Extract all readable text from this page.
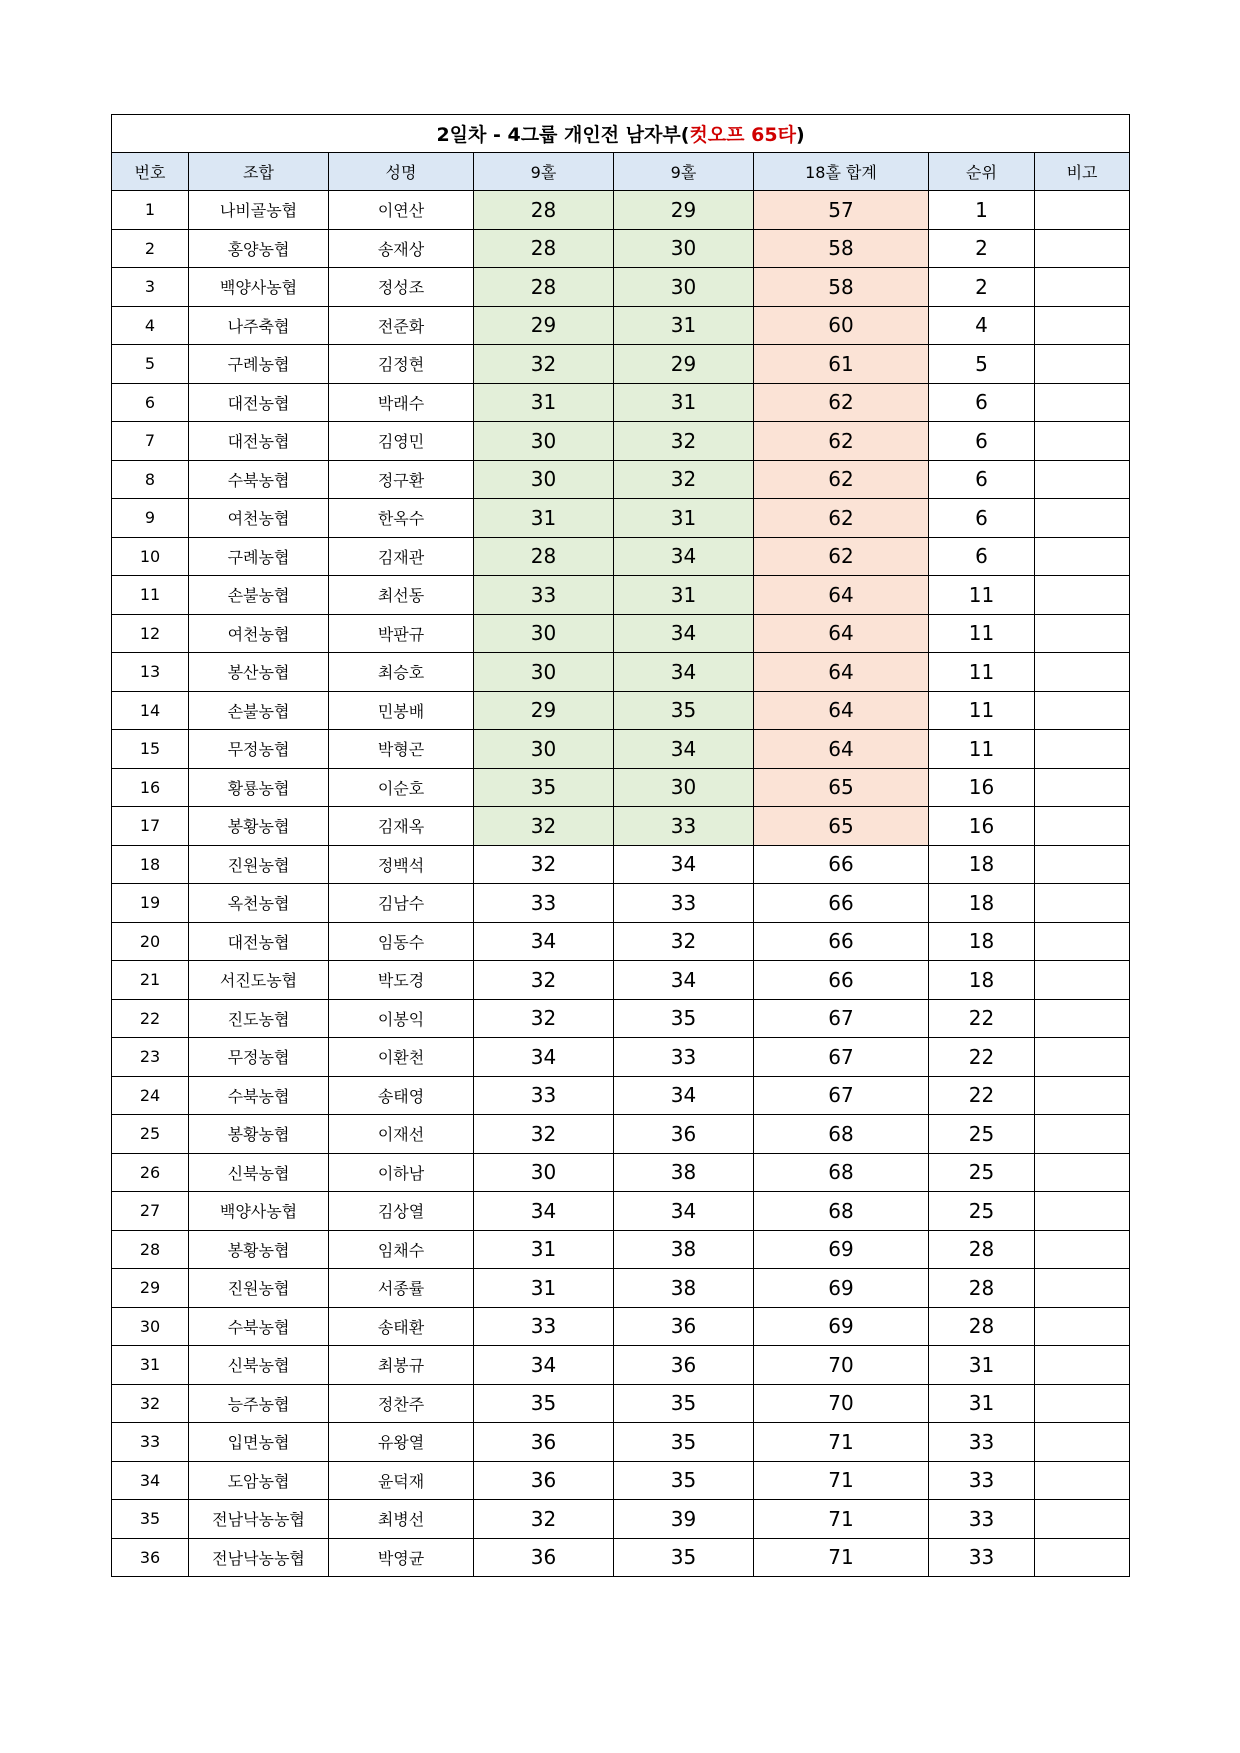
2일차 - 4그룹 개인전 남자부(컷오프 65타)							
번호	조합	성명	9홀	9홀	18홀 합계	순위	비고
1	나비골농협	이연산	28	29	57	1	
2	홍양농협	송재상	28	30	58	2	
3	백양사농협	정성조	28	30	58	2	
4	나주축협	전준화	29	31	60	4	
5	구례농협	김정현	32	29	61	5	
6	대전농협	박래수	31	31	62	6	
7	대전농협	김영민	30	32	62	6	
8	수북농협	정구환	30	32	62	6	
9	여천농협	한옥수	31	31	62	6	
10	구례농협	김재관	28	34	62	6	
11	손불농협	최선동	33	31	64	11	
12	여천농협	박판규	30	34	64	11	
13	봉산농협	최승호	30	34	64	11	
14	손불농협	민봉배	29	35	64	11	
15	무정농협	박형곤	30	34	64	11	
16	황룡농협	이순호	35	30	65	16	
17	봉황농협	김재옥	32	33	65	16	
18	진원농협	정백석	32	34	66	18	
19	옥천농협	김남수	33	33	66	18	
20	대전농협	임동수	34	32	66	18	
21	서진도농협	박도경	32	34	66	18	
22	진도농협	이봉익	32	35	67	22	
23	무정농협	이환천	34	33	67	22	
24	수북농협	송태영	33	34	67	22	
25	봉황농협	이재선	32	36	68	25	
26	신북농협	이하남	30	38	68	25	
27	백양사농협	김상열	34	34	68	25	
28	봉황농협	임채수	31	38	69	28	
29	진원농협	서종률	31	38	69	28	
30	수북농협	송태환	33	36	69	28	
31	신북농협	최봉규	34	36	70	31	
32	능주농협	정찬주	35	35	70	31	
33	입면농협	유왕열	36	35	71	33	
34	도암농협	윤덕재	36	35	71	33	
35	전남낙농농협	최병선	32	39	71	33	
36	전남낙농농협	박영균	36	35	71	33	
